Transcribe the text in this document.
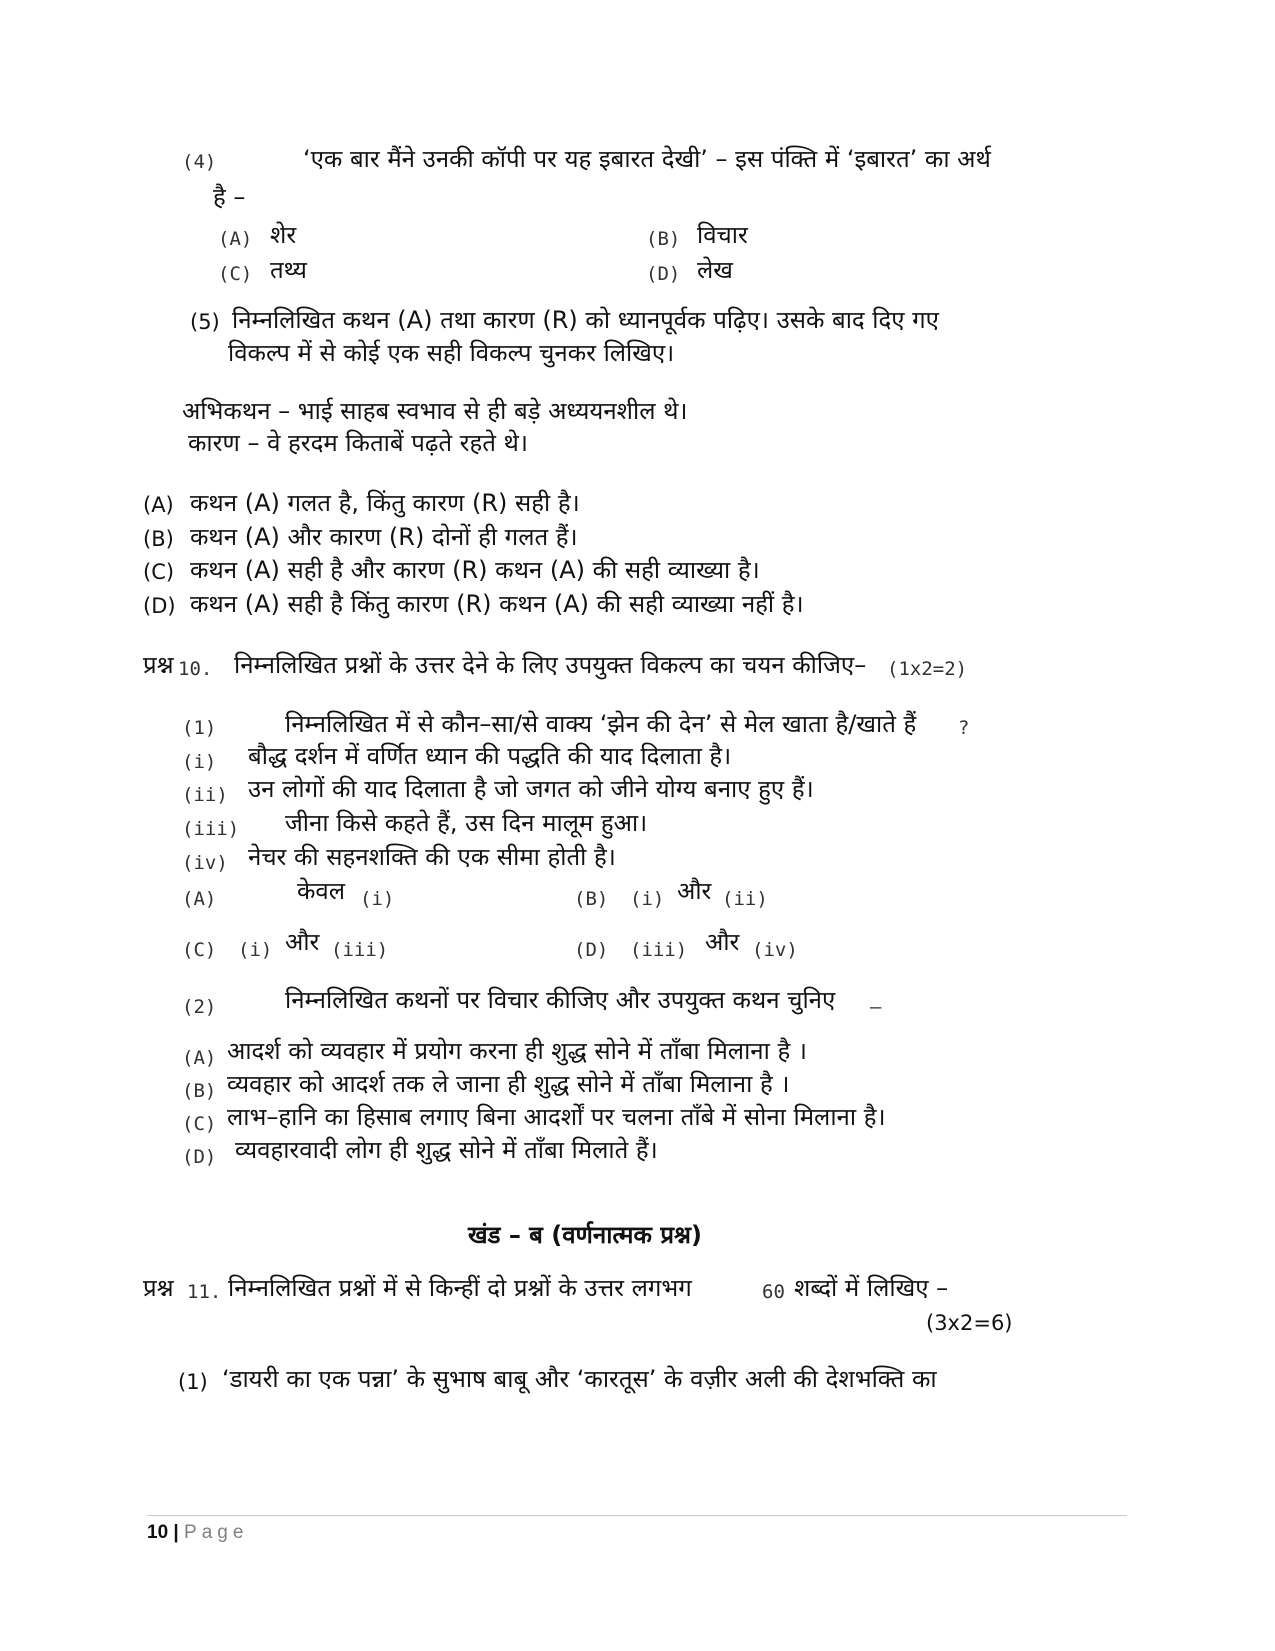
(4)	‘एक बार मैंने उनकी कॉपी पर यह इबारत देखी’ – इस पंक्ति में ‘इबारत’ का अर्थ
है –
(A) शेर	(B) विचार
(C) तथ्य	(D) लेख
(5) निम्नलिखित कथन (A) तथा कारण (R) को ध्यानपूर्वक पढ़िए। उसके बाद दिए गए
विकल्प में से कोई एक सही विकल्प चुनकर लिखिए।
अभिकथन – भाई साहब स्वभाव से ही बड़े अध्ययनशील थे।
कारण – वे हरदम किताबें पढ़ते रहते थे।
(A) कथन (A) गलत है, किंतु कारण (R) सही है।
(B) कथन (A) और कारण (R) दोनों ही गलत हैं।
(C) कथन (A) सही है और कारण (R) कथन (A) की सही व्याख्या है।
(D) कथन (A) सही है किंतु कारण (R) कथन (A) की सही व्याख्या नहीं है।
प्रश्न 10. निम्नलिखित प्रश्नों के उत्तर देने के लिए उपयुक्त विकल्प का चयन कीजिए– (1x2=2)
(1)	निम्नलिखित में से कौन–सा/से वाक्य ‘झेन की देन’ से मेल खाता है/खाते हैं ?
(i) बौद्ध दर्शन में वर्णित ध्यान की पद्धति की याद दिलाता है।
(ii) उन लोगों की याद दिलाता है जो जगत को जीने योग्य बनाए हुए हैं।
(iii) जीना किसे कहते हैं, उस दिन मालूम हुआ।
(iv) नेचर की सहनशक्ति की एक सीमा होती है।
(A)	केवल (i)	(B) (i) और (ii)
(C) (i) और (iii)	(D) (iii) और (iv)
(2)	निम्नलिखित कथनों पर विचार कीजिए और उपयुक्त कथन चुनिए –
(A) आदर्श को व्यवहार में प्रयोग करना ही शुद्ध सोने में ताँबा मिलाना है ।
(B) व्यवहार को आदर्श तक ले जाना ही शुद्ध सोने में ताँबा मिलाना है ।
(C) लाभ–हानि का हिसाब लगाए बिना आदर्शों पर चलना ताँबे में सोना मिलाना है।
(D) व्यवहारवादी लोग ही शुद्ध सोने में ताँबा मिलाते हैं।
खंड – ब (वर्णनात्मक प्रश्न)
प्रश्न 11. निम्नलिखित प्रश्नों में से किन्हीं दो प्रश्नों के उत्तर लगभग	60 शब्दों में लिखिए –
(3x2=6)
(1) ‘डायरी का एक पन्ना’ के सुभाष बाबू और ‘कारतूस’ के वज़ीर अली की देशभक्ति का
10 | Page
